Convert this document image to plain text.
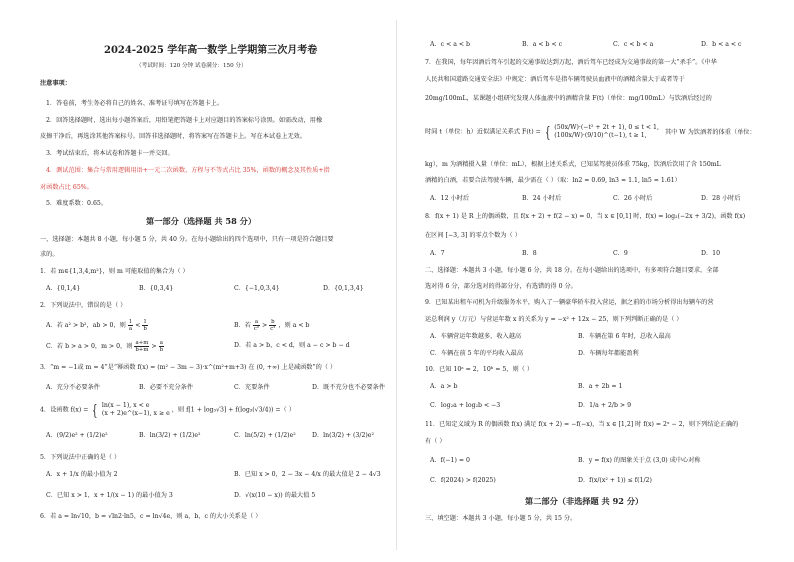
2024-2025 学年高一数学上学期第三次月考卷
（考试时间：120 分钟 试卷满分：150 分）
注意事项：
1．答卷前，考生务必将自己的姓名、准考证号填写在答题卡上。
2．回答选择题时，选出每小题答案后，用铅笔把答题卡上对应题目的答案标号涂黑。如需改动，用橡
皮擦干净后，再选涂其他答案标号。回答非选择题时，将答案写在答题卡上。写在本试卷上无效。
3．考试结束后，将本试卷和答题卡一并交回。
4．测试范围：集合与常用逻辑用语+一元二次函数、方程与不等式占比 35%，函数的概念及其性质+指
对函数占比 65%。
5．难度系数：0.65。
第一部分（选择题 共 58 分）
一、选择题：本题共 8 小题，每小题 5 分，共 40 分。在每小题给出的四个选项中，只有一项是符合题目要
求的。
1．若 m∈{1,3,4,m²}，则 m 可能取值的集合为（ ）
A．{0,1,4}	B．{0,3,4}	C．{−1,0,3,4}	D．{0,1,3,4}
2．下列说法中，错误的是（ ）
A．若 a² > b²，ab > 0，则 $\frac{1}{a} < \frac{1}{b}$	B．若 $\frac{a}{\text{c²}} > \frac{b}{\text{c²}}$ ，则 a < b
C．若 b > a > 0，m > 0，则 $\frac{a+m}{b+m} > \frac{a}{b}$	D．若 a > b，c < d，则 a − c > b − d
3．“m = −1或 m = 4”是“幂函数 f(x) = (m² − 3m − 3)·x^(m²+m+3) 在 (0, +∞) 上是减函数”的（ ）
A．充分不必要条件	B．必要不充分条件	C．充要条件	D．既不充分也不必要条件
4．设函数 f(x) = { ln(x − 1), x < e
(x + 2)e^(x−1), x ≥ e ，则 f[1 + log₃√3] + f(log₃(√3/4)) =（ ）
A．(9/2)e² + (1/2)e²	B．ln(3/2) + (1/2)e²	C．ln(5/2) + (1/2)e²	D．ln(3/2) + (3/2)e²
5．下列说法中正确的是（ ）
A．x + 1/x 的最小值为 2	B．已知 x > 0，2 − 3x − 4/x 的最大值是 2 − 4√3
C．已知 x > 1，x + 1/(x − 1) 的最小值为 3	D．√(x(10 − x)) 的最大值 5
6．若 a = ln√10，b = √ln2·ln5，c = ln√4e，则 a，b，c 的大小关系是（ ）
A．c < a < b	B．a < b < c	C．c < b < a	D．b < a < c
7．在我国，每年因酒后驾车引起的交通事故达到万起，酒后驾车已经成为交通事故的第一大“杀手”。《中华
人民共和国道路交通安全法》中规定：酒后驾车是指车辆驾驶员血液中的酒精含量大于或者等于
20mg/100mL，某课题小组研究发现人体血液中的酒精含量 F(t)（单位：mg/100mL）与饮酒后经过的
时间 t（单位：h）近似满足关系式 F(t) = { (50x/W)·(−t² + 2t + 1), 0 ≤ t < 1,
(100x/W)·(9/10)^(t−1), t ≥ 1,	其中 W 为饮酒者的体重（单位：
kg），m 为酒精摄入量（单位：mL），根据上述关系式，已知某驾驶员体重 75kg，饮酒后饮用了含 150mL
酒精的白酒，若要合法驾驶车辆，最少需在（ ）（取：ln2 ≈ 0.69, ln3 ≈ 1.1, ln5 ≈ 1.61）
A．12 小时后	B．24 小时后	C．26 小时后	D．28 小时后
8．f(x + 1) 是 R 上的偶函数，且 f(x + 2) + f(2 − x) = 0，当 x ∈ [0,1] 时，f(x) = log₂(−2x + 3/2)，函数 f(x)
在区间 [−3, 3] 的零点个数为（ ）
A．7	B．8	C．9	D．10
二、选择题：本题共 3 小题，每小题 6 分，共 18 分。在每小题给出的选项中，有多项符合题目要求，全部
选对得 6 分，部分选对的得部分分，有选错的得 0 分。
9．已知某出租车司机为升级服务水平，购入了一辆豪华轿车投入营运，据之前的市场分析得出每辆车的营
运总利润 y（万元）与营运年数 x 的关系为 y = −x² + 12x − 25，则下列判断正确的是（ ）
A．车辆营运年数越多，收入越高	B．车辆在第 6 年时，总收入最高
C．车辆在前 5 年的平均收入最高	D．车辆每年都能盈利
10．已知 10ᵃ = 2，10ᵇ = 5，则（ ）
A．a > b	B．a + 2b = 1
C．log₂a + log₂b < −3	D．1/a + 2/b > 9
11．已知定义域为 R 的偶函数 f(x) 满足 f(x + 2) = −f(−x)，当 x ∈ [1,2] 时 f(x) = 2ˣ − 2，则下列结论正确的
有（ ）
A．f(−1) = 0	B．y = f(x) 的图象关于点 (3,0) 成中心对称
C．f(2024) > f(2025)	D．f(x/(x² + 1)) ≤ f(1/2)
第二部分（非选择题 共 92 分）
三、填空题：本题共 3 小题，每小题 5 分，共 15 分。
